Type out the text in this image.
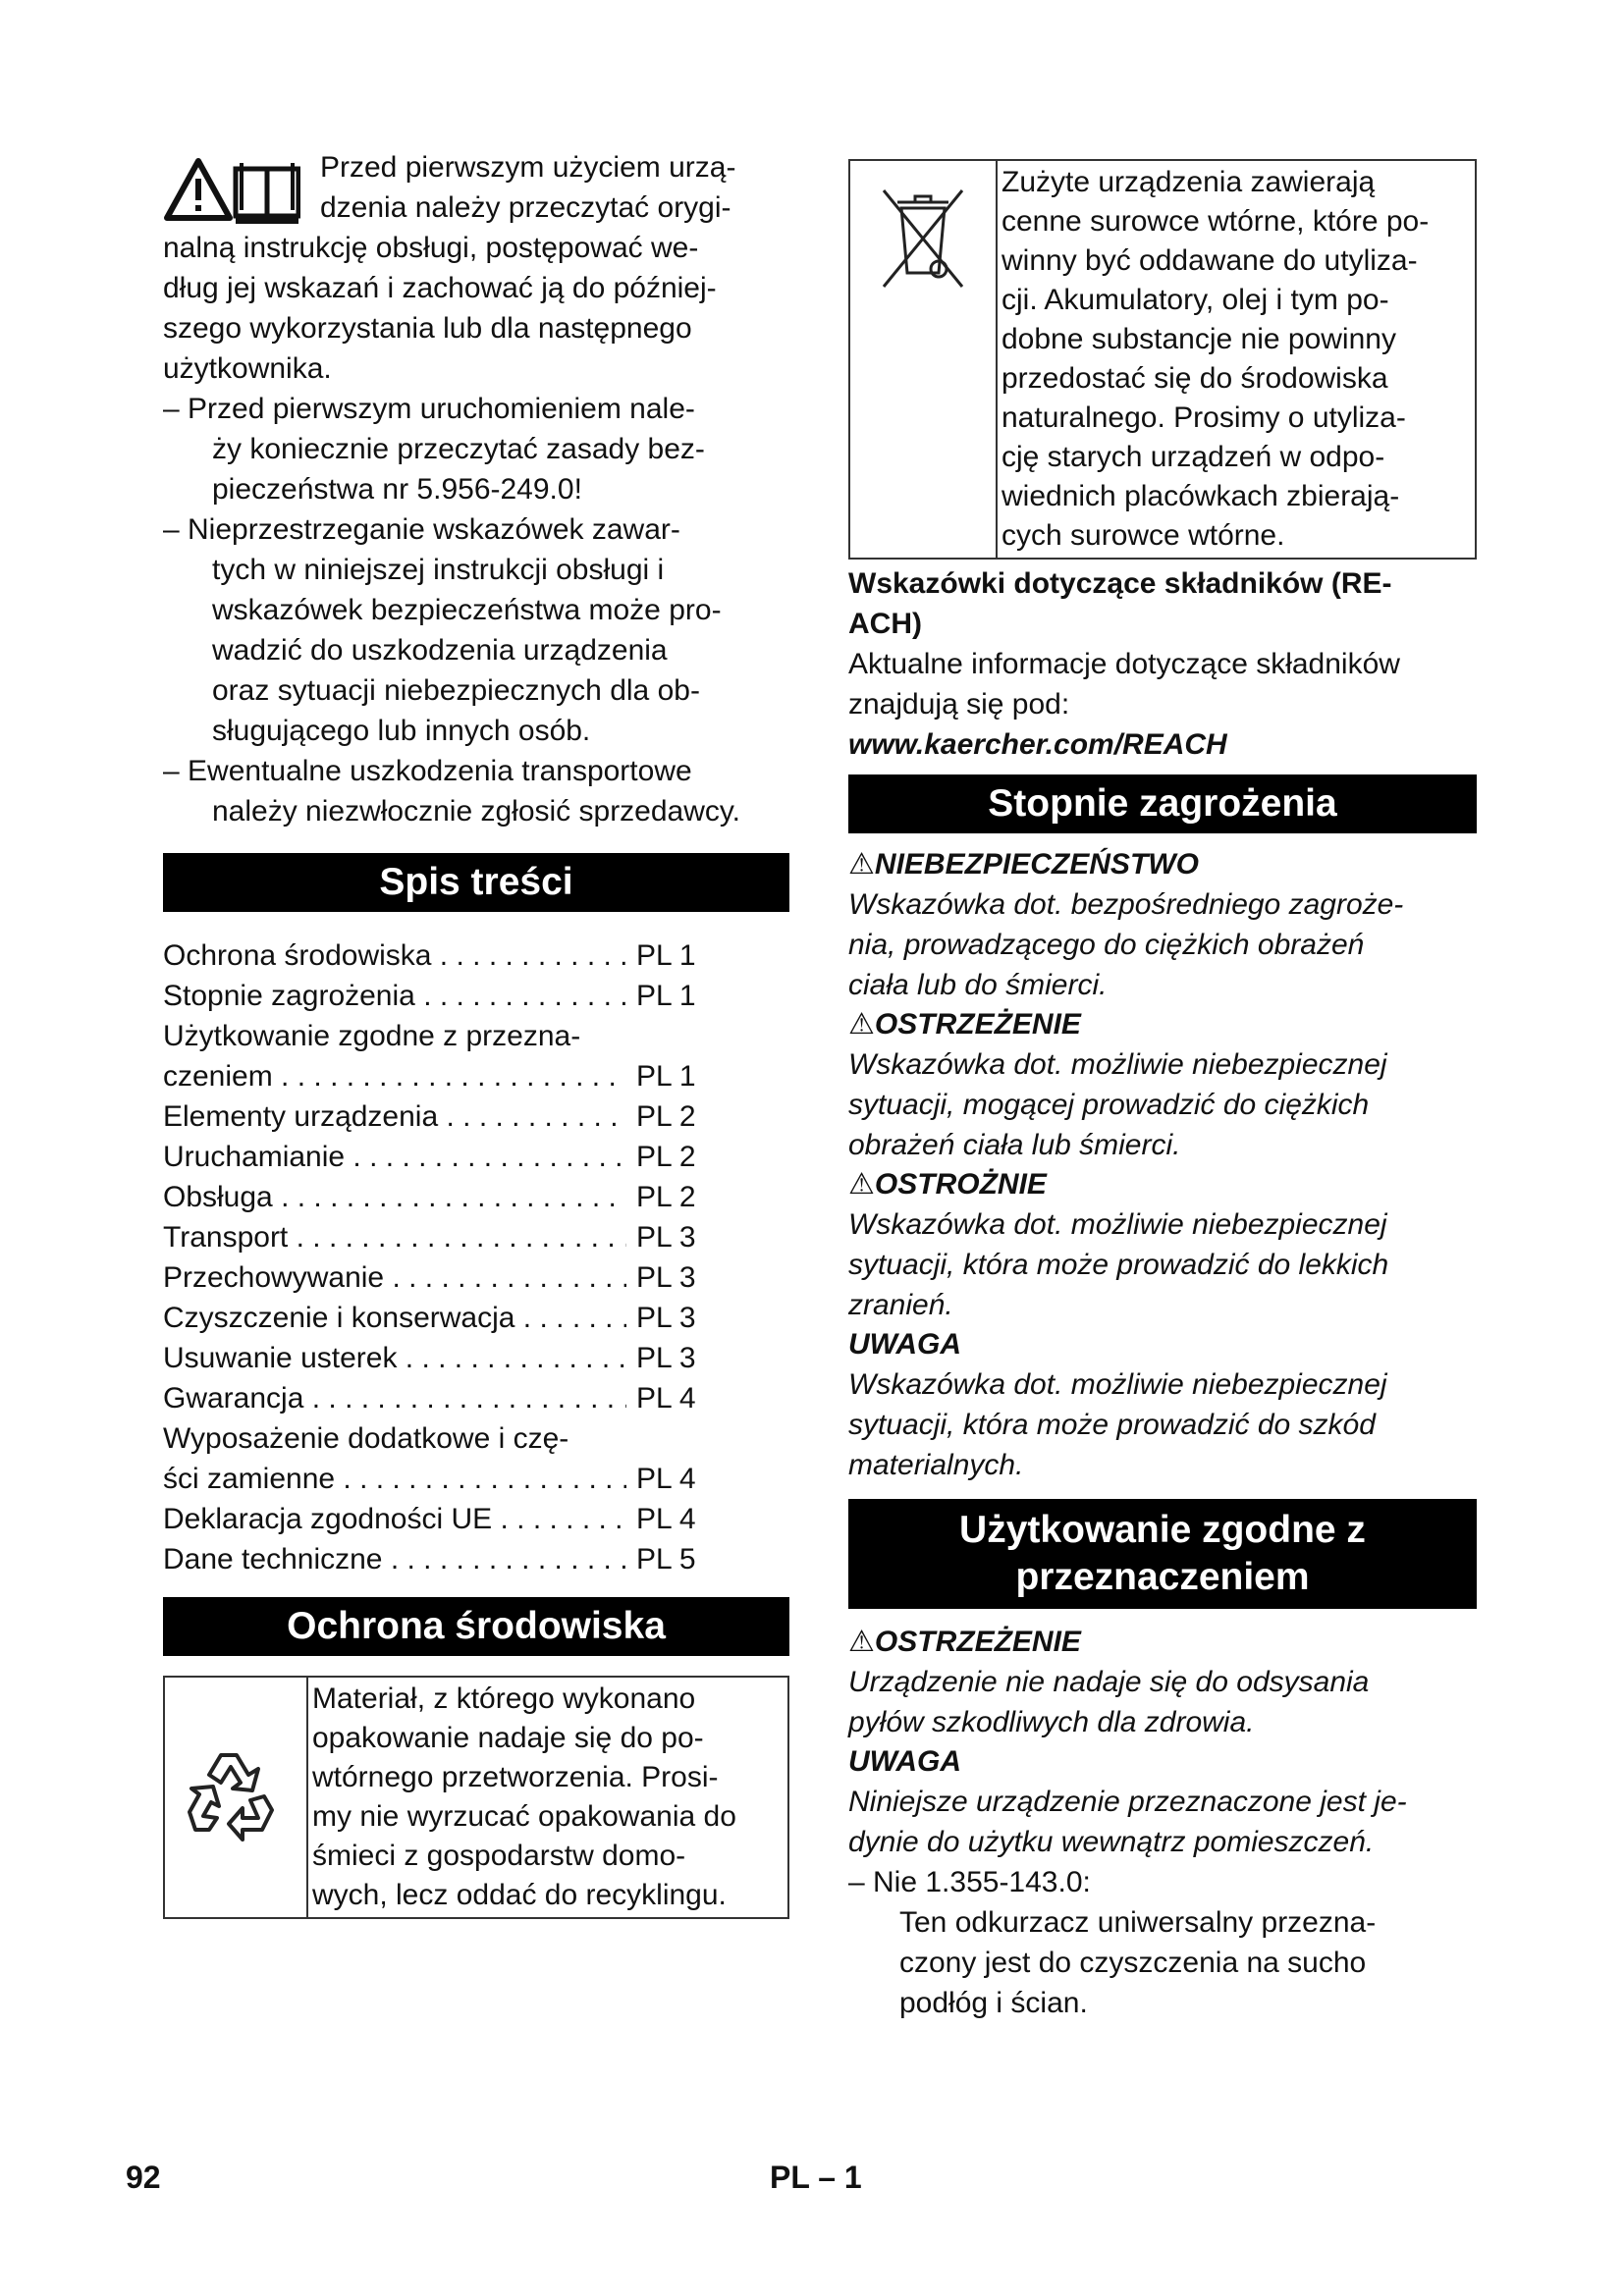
Przed pierwszym użyciem urzą-

dzenia należy przeczytać orygi-

nalną instrukcję obsługi, postępować we-

dług jej wskazań i zachować ją do później-

szego wykorzystania lub dla następnego

użytkownika.

– Przed pierwszym uruchomieniem nale-

ży koniecznie przeczytać zasady bez-

pieczeństwa nr 5.956-249.0!

– Nieprzestrzeganie wskazówek zawar-

tych w niniejszej instrukcji obsługi i

wskazówek bezpieczeństwa może pro-

wadzić do uszkodzenia urządzenia

oraz sytuacji niebezpiecznych dla ob-

sługującego lub innych osób.

– Ewentualne uszkodzenia transportowe

należy niezwłocznie zgłosić sprzedawcy.

Spis treści
Ochrona środowiska . . .	PL 1
Stopnie zagrożenia . . .	PL 1
Użytkowanie zgodne z przezna-
czeniem . . .	PL 1
Elementy urządzenia . . .	PL 2
Uruchamianie . . .	PL 2
Obsługa . . .	PL 2
Transport . . .	PL 3
Przechowywanie . . .	PL 3
Czyszczenie i konserwacja . . .	PL 3
Usuwanie usterek . . .	PL 3
Gwarancja . . .	PL 4
Wyposażenie dodatkowe i czę-
ści zamienne . . .	PL 4
Deklaracja zgodności UE . . .	PL 4
Dane techniczne . . .	PL 5
Ochrona środowiska

Materiał, z którego wykonano

opakowanie nadaje się do po-

wtórnego przetworzenia. Prosi-

my nie wyrzucać opakowania do

śmieci z gospodarstw domo-

wych, lecz oddać do recyklingu.

Zużyte urządzenia zawierają

cenne surowce wtórne, które po-

winny być oddawane do utyliza-

cji. Akumulatory, olej i tym po-

dobne substancje nie powinny

przedostać się do środowiska

naturalnego. Prosimy o utyliza-

cję starych urządzeń w odpo-

wiednich placówkach zbierają-

cych surowce wtórne.

Wskazówki dotyczące składników (RE-

ACH)

Aktualne informacje dotyczące składników

znajdują się pod:

www.kaercher.com/REACH

Stopnie zagrożenia

⚠NIEBEZPIECZEŃSTWO

Wskazówka dot. bezpośredniego zagroże-

nia, prowadzącego do ciężkich obrażeń

ciała lub do śmierci.

⚠OSTRZEŻENIE

Wskazówka dot. możliwie niebezpiecznej

sytuacji, mogącej prowadzić do ciężkich

obrażeń ciała lub śmierci.

⚠OSTROŻNIE

Wskazówka dot. możliwie niebezpiecznej

sytuacji, która może prowadzić do lekkich

zranień.

UWAGA

Wskazówka dot. możliwie niebezpiecznej

sytuacji, która może prowadzić do szkód

materialnych.

Użytkowanie zgodne z
przeznaczeniem

⚠OSTRZEŻENIE

Urządzenie nie nadaje się do odsysania

pyłów szkodliwych dla zdrowia.

UWAGA

Niniejsze urządzenie przeznaczone jest je-

dynie do użytku wewnątrz pomieszczeń.

– Nie 1.355-143.0:

Ten odkurzacz uniwersalny przezna-

czony jest do czyszczenia na sucho

podłóg i ścian.

92	PL – 1
